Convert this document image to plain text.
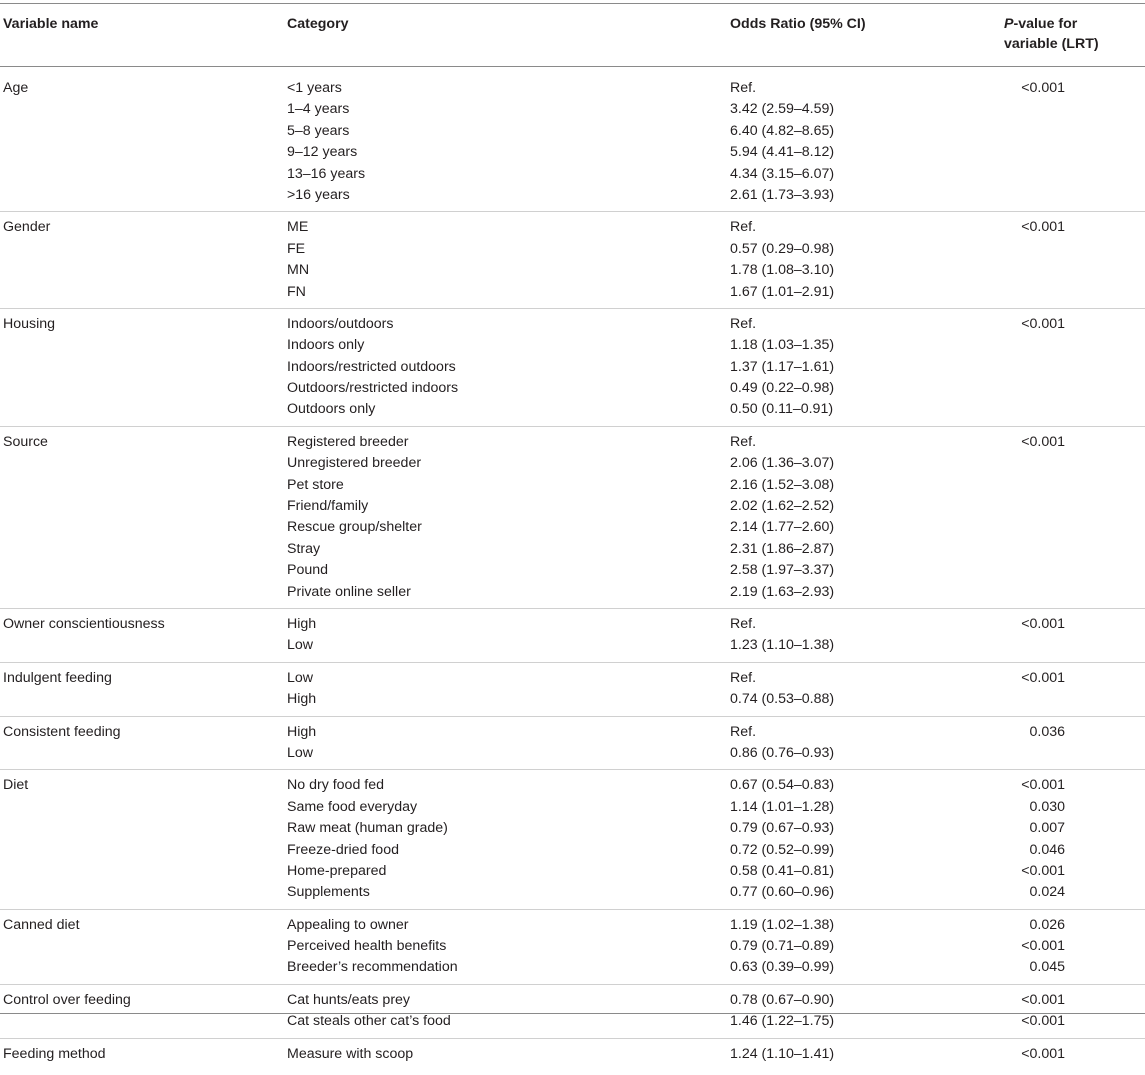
Variable name	Category	Odds Ratio (95% CI)	P-value for
variable (LRT)
Age	<1 years	Ref.	<0.001
1–4 years	3.42 (2.59–4.59)
5–8 years	6.40 (4.82–8.65)
9–12 years	5.94 (4.41–8.12)
13–16 years	4.34 (3.15–6.07)
>16 years	2.61 (1.73–3.93)
Gender	ME	Ref.	<0.001
FE	0.57 (0.29–0.98)
MN	1.78 (1.08–3.10)
FN	1.67 (1.01–2.91)
Housing	Indoors/outdoors	Ref.	<0.001
Indoors only	1.18 (1.03–1.35)
Indoors/restricted outdoors	1.37 (1.17–1.61)
Outdoors/restricted indoors	0.49 (0.22–0.98)
Outdoors only	0.50 (0.11–0.91)
Source	Registered breeder	Ref.	<0.001
Unregistered breeder	2.06 (1.36–3.07)
Pet store	2.16 (1.52–3.08)
Friend/family	2.02 (1.62–2.52)
Rescue group/shelter	2.14 (1.77–2.60)
Stray	2.31 (1.86–2.87)
Pound	2.58 (1.97–3.37)
Private online seller	2.19 (1.63–2.93)
Owner conscientiousness	High	Ref.	<0.001
Low	1.23 (1.10–1.38)
Indulgent feeding	Low	Ref.	<0.001
High	0.74 (0.53–0.88)
Consistent feeding	High	Ref.	0.036
Low	0.86 (0.76–0.93)
Diet	No dry food fed	0.67 (0.54–0.83)	<0.001
Same food everyday	1.14 (1.01–1.28)	0.030
Raw meat (human grade)	0.79 (0.67–0.93)	0.007
Freeze-dried food	0.72 (0.52–0.99)	0.046
Home-prepared	0.58 (0.41–0.81)	<0.001
Supplements	0.77 (0.60–0.96)	0.024
Canned diet	Appealing to owner	1.19 (1.02–1.38)	0.026
Perceived health benefits	0.79 (0.71–0.89)	<0.001
Breeder’s recommendation	0.63 (0.39–0.99)	0.045
Control over feeding	Cat hunts/eats prey	0.78 (0.67–0.90)	<0.001
Cat steals other cat’s food	1.46 (1.22–1.75)	<0.001
Feeding method	Measure with scoop	1.24 (1.10–1.41)	<0.001
